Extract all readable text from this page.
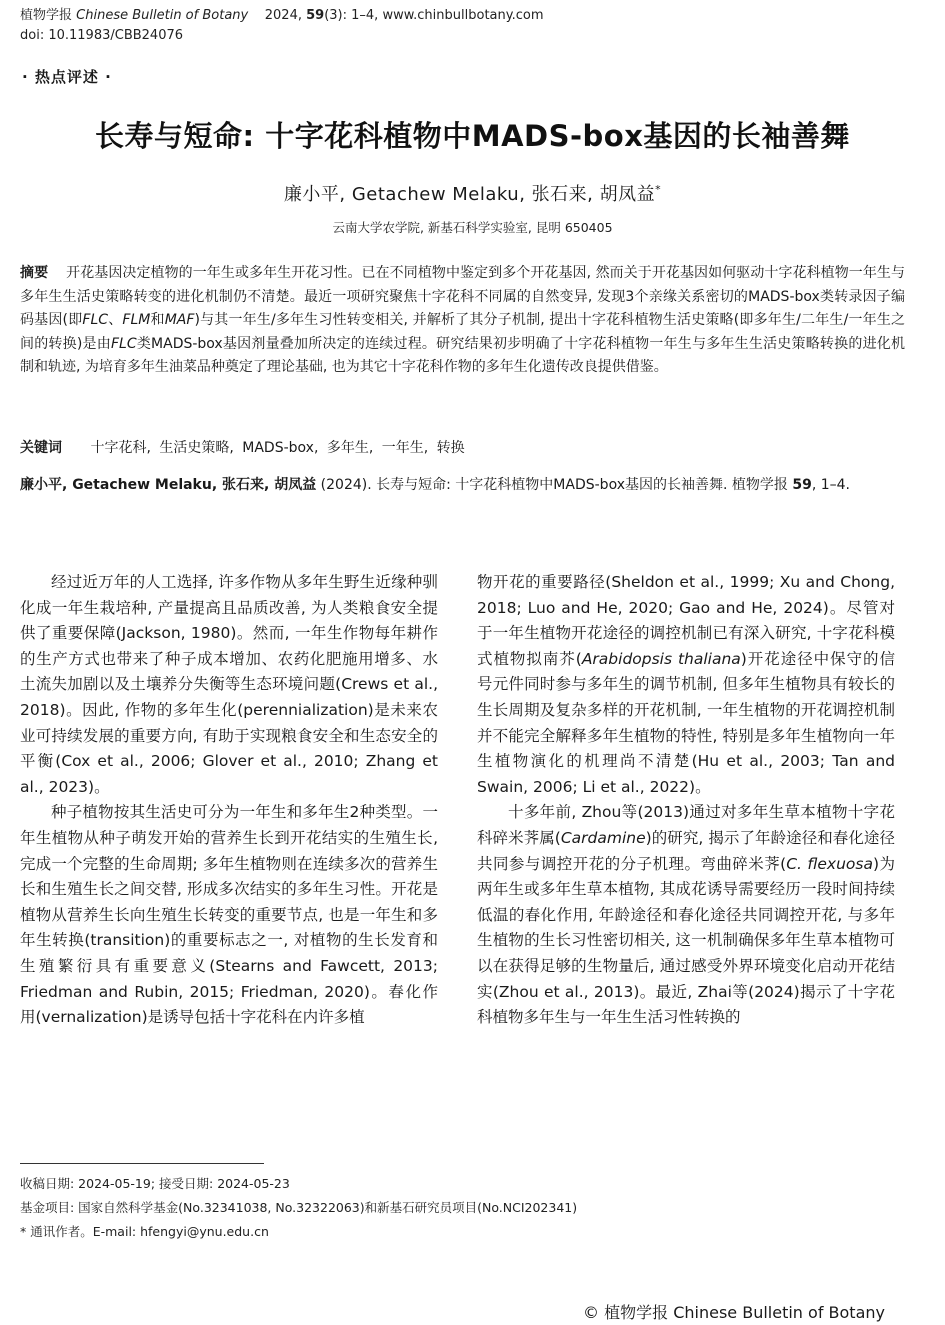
植物学报 Chinese Bulletin of Botany 2024, 59(3): 1–4, www.chinbullbotany.com
doi: 10.11983/CBB24076
· 热点评述 ·
长寿与短命: 十字花科植物中MADS-box基因的长袖善舞
廉小平, Getachew Melaku, 张石来, 胡凤益*
云南大学农学院, 新基石科学实验室, 昆明 650405
摘要 开花基因决定植物的一年生或多年生开花习性。已在不同植物中鉴定到多个开花基因, 然而关于开花基因如何驱动十字花科植物一年生与多年生生活史策略转变的进化机制仍不清楚。最近一项研究聚焦十字花科不同属的自然变异, 发现3个亲缘关系密切的MADS-box类转录因子编码基因(即FLC、FLM和MAF)与其一年生/多年生习性转变相关, 并解析了其分子机制, 提出十字花科植物生活史策略(即多年生/二年生/一年生之间的转换)是由FLC类MADS-box基因剂量叠加所决定的连续过程。研究结果初步明确了十字花科植物一年生与多年生生活史策略转换的进化机制和轨迹, 为培育多年生油菜品种奠定了理论基础, 也为其它十字花科作物的多年生化遗传改良提供借鉴。
关键词 十字花科, 生活史策略, MADS-box, 多年生, 一年生, 转换
廉小平, Getachew Melaku, 张石来, 胡凤益 (2024). 长寿与短命: 十字花科植物中MADS-box基因的长袖善舞. 植物学报 59, 1–4.

经过近万年的人工选择, 许多作物从多年生野生近缘种驯化成一年生栽培种, 产量提高且品质改善, 为人类粮食安全提供了重要保障(Jackson, 1980)。然而, 一年生作物每年耕作的生产方式也带来了种子成本增加、农药化肥施用增多、水土流失加剧以及土壤养分失衡等生态环境问题(Crews et al., 2018)。因此, 作物的多年生化(perennialization)是未来农业可持续发展的重要方向, 有助于实现粮食安全和生态安全的平衡(Cox et al., 2006; Glover et al., 2010; Zhang et al., 2023)。

种子植物按其生活史可分为一年生和多年生2种类型。一年生植物从种子萌发开始的营养生长到开花结实的生殖生长, 完成一个完整的生命周期; 多年生植物则在连续多次的营养生长和生殖生长之间交替, 形成多次结实的多年生习性。开花是植物从营养生长向生殖生长转变的重要节点, 也是一年生和多年生转换(transition)的重要标志之一, 对植物的生长发育和生殖繁衍具有重要意义(Stearns and Fawcett, 2013; Friedman and Rubin, 2015; Friedman, 2020)。春化作用(vernalization)是诱导包括十字花科在内许多植

物开花的重要路径(Sheldon et al., 1999; Xu and Chong, 2018; Luo and He, 2020; Gao and He, 2024)。尽管对于一年生植物开花途径的调控机制已有深入研究, 十字花科模式植物拟南芥(Arabidopsis thaliana)开花途径中保守的信号元件同时参与多年生的调节机制, 但多年生植物具有较长的生长周期及复杂多样的开花机制, 一年生植物的开花调控机制并不能完全解释多年生植物的特性, 特别是多年生植物向一年生植物演化的机理尚不清楚(Hu et al., 2003; Tan and Swain, 2006; Li et al., 2022)。

十多年前, Zhou等(2013)通过对多年生草本植物十字花科碎米荠属(Cardamine)的研究, 揭示了年龄途径和春化途径共同参与调控开花的分子机理。弯曲碎米荠(C. flexuosa)为两年生或多年生草本植物, 其成花诱导需要经历一段时间持续低温的春化作用, 年龄途径和春化途径共同调控开花, 与多年生植物的生长习性密切相关, 这一机制确保多年生草本植物可以在获得足够的生物量后, 通过感受外界环境变化启动开花结实(Zhou et al., 2013)。最近, Zhai等(2024)揭示了十字花科植物多年生与一年生生活习性转换的

收稿日期: 2024-05-19; 接受日期: 2024-05-23
基金项目: 国家自然科学基金(No.32341038, No.32322063)和新基石研究员项目(No.NCI202341)
* 通讯作者。E-mail: hfengyi@ynu.edu.cn
© 植物学报 Chinese Bulletin of Botany
